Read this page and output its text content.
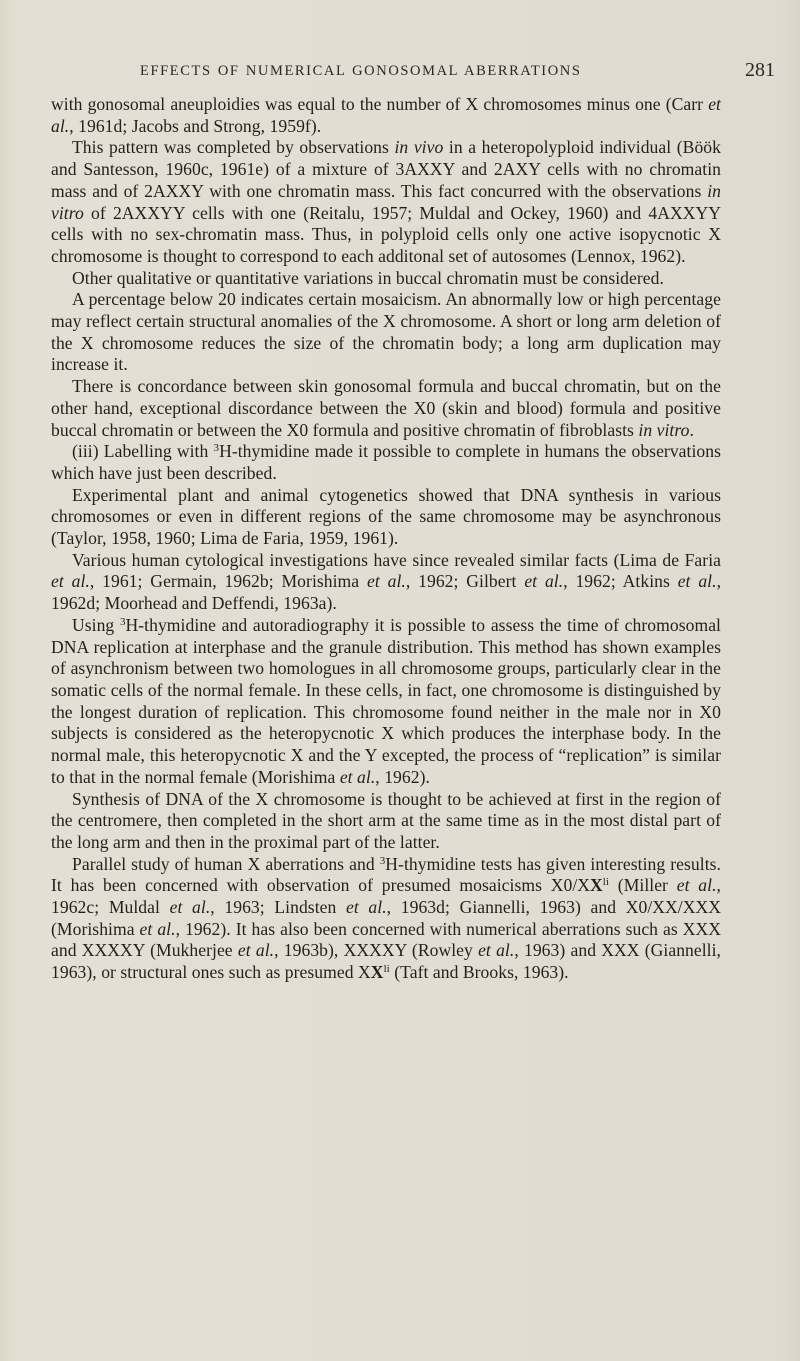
EFFECTS OF NUMERICAL GONOSOMAL ABERRATIONS	281

with gonosomal aneuploidies was equal to the number of X chromosomes minus one (Carr et al., 1961d; Jacobs and Strong, 1959f).

This pattern was completed by observations in vivo in a heteropolyploid individual (Böök and Santesson, 1960c, 1961e) of a mixture of 3AXXY and 2AXY cells with no chromatin mass and of 2AXXY with one chromatin mass. This fact concurred with the observations in vitro of 2AXXYY cells with one (Reitalu, 1957; Muldal and Ockey, 1960) and 4AXXYY cells with no sex-chromatin mass. Thus, in polyploid cells only one active isopycnotic X chromosome is thought to correspond to each additonal set of autosomes (Lennox, 1962).

Other qualitative or quantitative variations in buccal chromatin must be considered.

A percentage below 20 indicates certain mosaicism. An abnormally low or high percentage may reflect certain structural anomalies of the X chromosome. A short or long arm deletion of the X chromosome reduces the size of the chromatin body; a long arm duplication may increase it.

There is concordance between skin gonosomal formula and buccal chromatin, but on the other hand, exceptional discordance between the X0 (skin and blood) formula and positive buccal chromatin or between the X0 formula and positive chromatin of fibroblasts in vitro.

(iii) Labelling with $^3$H-thymidine made it possible to complete in humans the observations which have just been described.

Experimental plant and animal cytogenetics showed that DNA synthesis in various chromosomes or even in different regions of the same chromosome may be asynchronous (Taylor, 1958, 1960; Lima de Faria, 1959, 1961).

Various human cytological investigations have since revealed similar facts (Lima de Faria et al., 1961; Germain, 1962b; Morishima et al., 1962; Gilbert et al., 1962; Atkins et al., 1962d; Moorhead and Deffendi, 1963a).

Using $^3$H-thymidine and autoradiography it is possible to assess the time of chromosomal DNA replication at interphase and the granule distribution. This method has shown examples of asynchronism between two homologues in all chromosome groups, particularly clear in the somatic cells of the normal female. In these cells, in fact, one chromosome is distinguished by the longest duration of replication. This chromosome found neither in the male nor in X0 subjects is considered as the heteropycnotic X which produces the interphase body. In the normal male, this heteropycnotic X and the Y excepted, the process of “replication” is similar to that in the normal female (Morishima et al., 1962).

Synthesis of DNA of the X chromosome is thought to be achieved at first in the region of the centromere, then completed in the short arm at the same time as in the most distal part of the long arm and then in the proximal part of the latter.

Parallel study of human X aberrations and $^3$H-thymidine tests has given interesting results. It has been concerned with observation of presumed mosaicisms $X0/XX^{li}$ (Miller et al., 1962c; Muldal et al., 1963; Lindsten et al., 1963d; Giannelli, 1963) and X0/XX/XXX (Morishima et al., 1962). It has also been concerned with numerical aberrations such as XXX and XXXXY (Mukherjee et al., 1963b), XXXXY (Rowley et al., 1963) and XXX (Giannelli, 1963), or structural ones such as presumed $XX^{li}$ (Taft and Brooks, 1963).
